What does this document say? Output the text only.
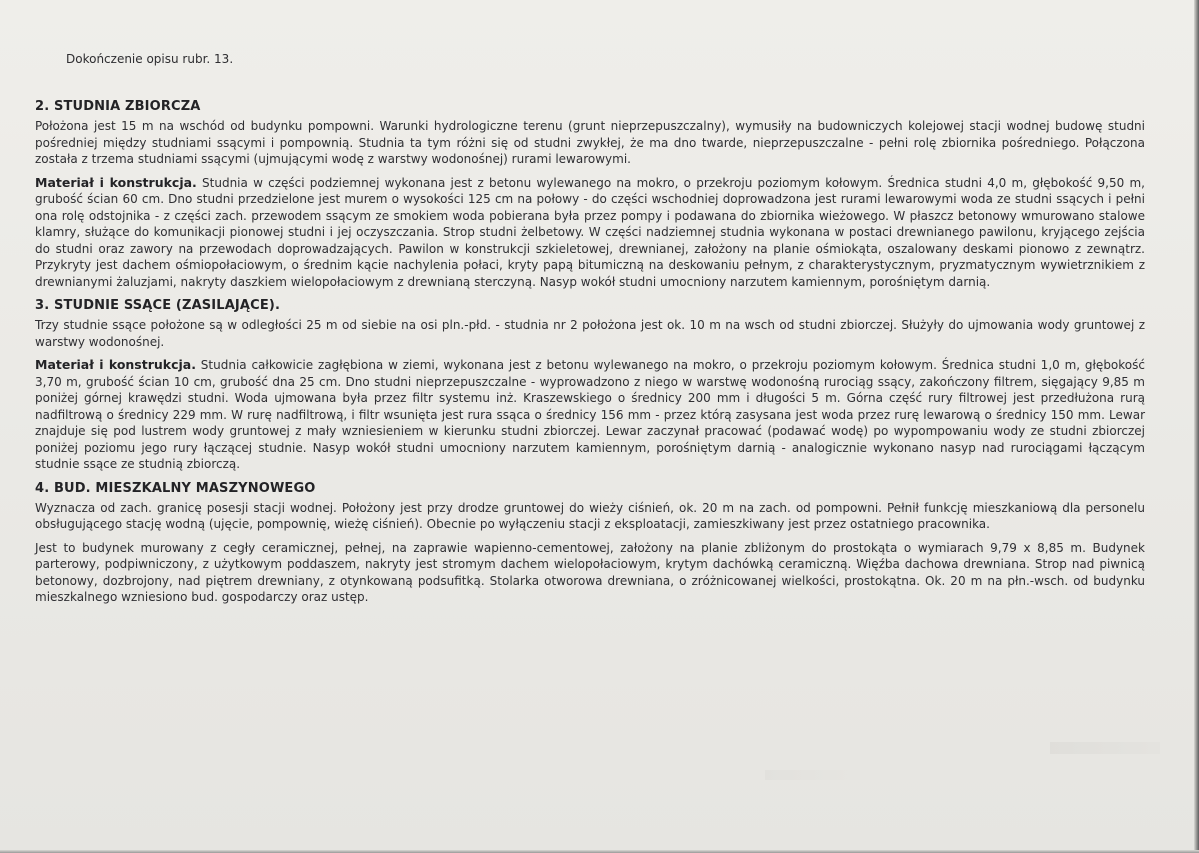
Dokończenie opisu rubr. 13.
2. STUDNIA ZBIORCZA

Położona jest 15 m na wschód od budynku pompowni. Warunki hydrologiczne terenu (grunt nieprzepuszczalny), wymusiły na budowniczych kolejowej stacji wodnej budowę studni pośredniej między studniami ssącymi i pompownią. Studnia ta tym różni się od studni zwykłej, że ma dno twarde, nieprzepuszczalne - pełni rolę zbiornika pośredniego. Połączona została z trzema studniami ssącymi (ujmującymi wodę z warstwy wodonośnej) rurami lewarowymi.

Materiał i konstrukcja. Studnia w części podziemnej wykonana jest z betonu wylewanego na mokro, o przekroju poziomym kołowym. Średnica studni 4,0 m, głębokość 9,50 m, grubość ścian 60 cm. Dno studni przedzielone jest murem o wysokości 125 cm na połowy - do części wschodniej doprowadzona jest rurami lewarowymi woda ze studni ssących i pełni ona rolę odstojnika - z części zach. przewodem ssącym ze smokiem woda pobierana była przez pompy i podawana do zbiornika wieżowego. W płaszcz betonowy wmurowano stalowe klamry, służące do komunikacji pionowej studni i jej oczyszczania. Strop studni żelbetowy. W części nadziemnej studnia wykonana w postaci drewnianego pawilonu, kryjącego zejścia do studni oraz zawory na przewodach doprowadzających. Pawilon w konstrukcji szkieletowej, drewnianej, założony na planie ośmiokąta, oszalowany deskami pionowo z zewnątrz. Przykryty jest dachem ośmiopołaciowym, o średnim kącie nachylenia połaci, kryty papą bitumiczną na deskowaniu pełnym, z charakterystycznym, pryzmatycznym wywietrznikiem z drewnianymi żaluzjami, nakryty daszkiem wielopołaciowym z drewnianą sterczyną. Nasyp wokół studni umocniony narzutem kamiennym, porośniętym darnią.

3. STUDNIE SSĄCE (ZASILAJĄCE).

Trzy studnie ssące położone są w odległości 25 m od siebie na osi pln.-płd. - studnia nr 2 położona jest ok. 10 m na wsch od studni zbiorczej. Służyły do ujmowania wody gruntowej z warstwy wodonośnej.

Materiał i konstrukcja. Studnia całkowicie zagłębiona w ziemi, wykonana jest z betonu wylewanego na mokro, o przekroju poziomym kołowym. Średnica studni 1,0 m, głębokość 3,70 m, grubość ścian 10 cm, grubość dna 25 cm. Dno studni nieprzepuszczalne - wyprowadzono z niego w warstwę wodonośną rurociąg ssący, zakończony filtrem, sięgający 9,85 m poniżej górnej krawędzi studni. Woda ujmowana była przez filtr systemu inż. Kraszewskiego o średnicy 200 mm i długości 5 m. Górna część rury filtrowej jest przedłużona rurą nadfiltrową o średnicy 229 mm. W rurę nadfiltrową, i filtr wsunięta jest rura ssąca o średnicy 156 mm - przez którą zasysana jest woda przez rurę lewarową o średnicy 150 mm. Lewar znajduje się pod lustrem wody gruntowej z mały wzniesieniem w kierunku studni zbiorczej. Lewar zaczynał pracować (podawać wodę) po wypompowaniu wody ze studni zbiorczej poniżej poziomu jego rury łączącej studnie. Nasyp wokół studni umocniony narzutem kamiennym, porośniętym darnią - analogicznie wykonano nasyp nad rurociągami łączącym studnie ssące ze studnią zbiorczą.

4. BUD. MIESZKALNY MASZYNOWEGO

Wyznacza od zach. granicę posesji stacji wodnej. Położony jest przy drodze gruntowej do wieży ciśnień, ok. 20 m na zach. od pompowni. Pełnił funkcję mieszkaniową dla personelu obsługującego stację wodną (ujęcie, pompownię, wieżę ciśnień). Obecnie po wyłączeniu stacji z eksploatacji, zamieszkiwany jest przez ostatniego pracownika.

Jest to budynek murowany z cegły ceramicznej, pełnej, na zaprawie wapienno-cementowej, założony na planie zbliżonym do prostokąta o wymiarach 9,79 x 8,85 m. Budynek parterowy, podpiwniczony, z użytkowym poddaszem, nakryty jest stromym dachem wielopołaciowym, krytym dachówką ceramiczną. Więźba dachowa drewniana. Strop nad piwnicą betonowy, dozbrojony, nad piętrem drewniany, z otynkowaną podsufitką. Stolarka otworowa drewniana, o zróżnicowanej wielkości, prostokątna. Ok. 20 m na płn.-wsch. od budynku mieszkalnego wzniesiono bud. gospodarczy oraz ustęp.
